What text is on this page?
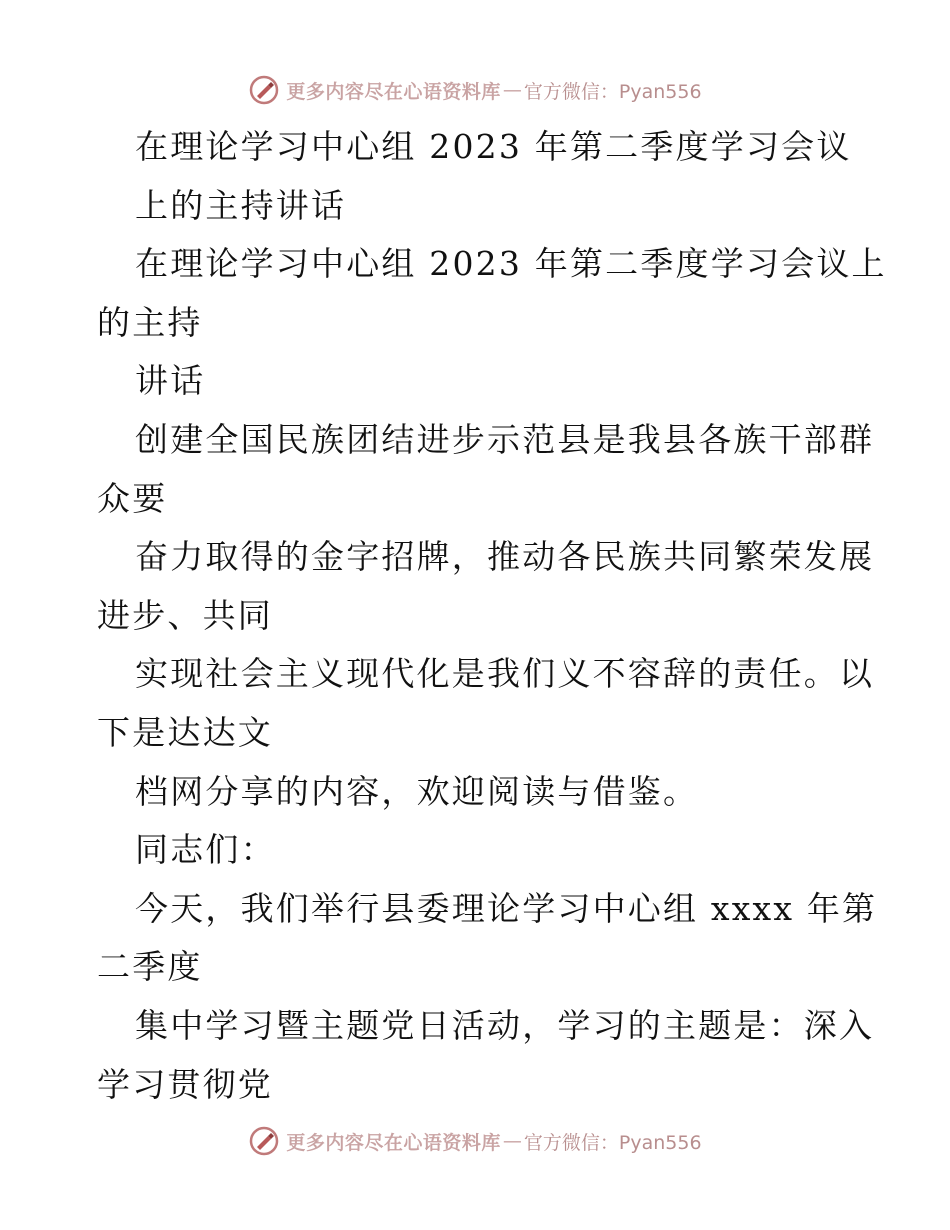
更多内容尽在心语资料库 — 官方微信：Pyan556
在理论学习中心组 2023 年第二季度学习会议
上的主持讲话
在理论学习中心组 2023 年第二季度学习会议上
的主持
讲话
创建全国民族团结进步示范县是我县各族干部群
众要
奋力取得的金字招牌，推动各民族共同繁荣发展
进步、共同
实现社会主义现代化是我们义不容辞的责任。以
下是达达文
档网分享的内容，欢迎阅读与借鉴。
同志们：
今天，我们举行县委理论学习中心组 xxxx 年第
二季度
集中学习暨主题党日活动，学习的主题是：深入
学习贯彻党
更多内容尽在心语资料库 — 官方微信：Pyan556
